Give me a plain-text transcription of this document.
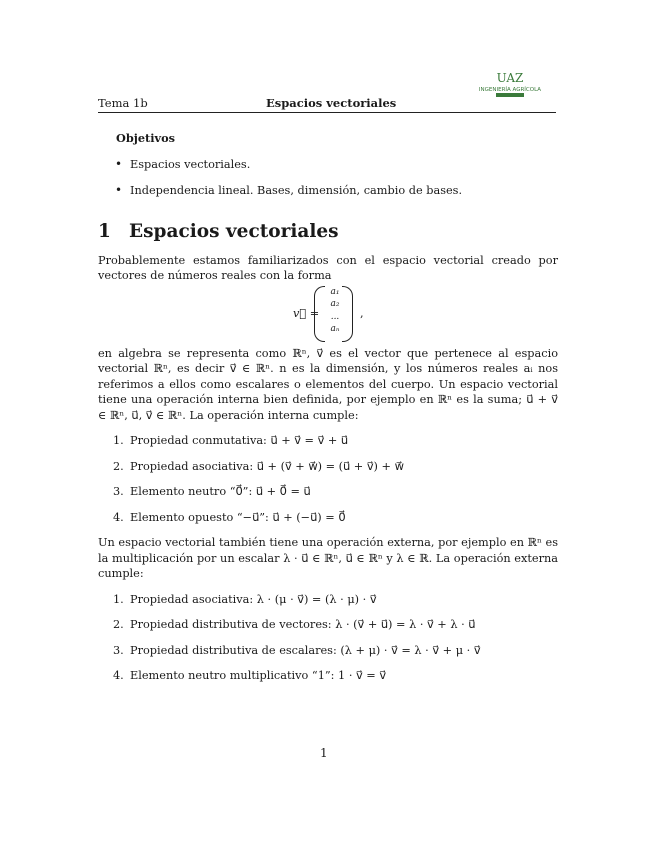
UAZ
INGENIERÍA AGRÍCOLA
Tema 1b	Espacios vectoriales
Objetivos
• Espacios vectoriales.
• Independencia lineal. Bases, dimensión, cambio de bases.
1 Espacios vectoriales

Probablemente estamos familiarizados con el espacio vectorial creado por vectores de números reales con la forma

v⃗ =
a₁
a₂
...
aₙ
,

en algebra se representa como ℝⁿ, v⃗ es el vector que pertenece al espacio vectorial ℝⁿ, es decir v⃗ ∈ ℝⁿ. n es la dimensión, y los números reales aᵢ nos referimos a ellos como escalares o elementos del cuerpo. Un espacio vectorial tiene una operación interna bien definida, por ejemplo en ℝⁿ es la suma; u⃗ + v⃗ ∈ ℝⁿ, u⃗, v⃗ ∈ ℝⁿ. La operación interna cumple:

1. Propiedad conmutativa: u⃗ + v⃗ = v⃗ + u⃗
2. Propiedad asociativa: u⃗ + (v⃗ + w⃗) = (u⃗ + v⃗) + w⃗
3. Elemento neutro “0⃗”: u⃗ + 0⃗ = u⃗
4. Elemento opuesto “−u⃗”: u⃗ + (−u⃗) = 0⃗

Un espacio vectorial también tiene una operación externa, por ejemplo en ℝⁿ es la multiplicación por un escalar λ · u⃗ ∈ ℝⁿ, u⃗ ∈ ℝⁿ y λ ∈ ℝ. La operación externa cumple:

1. Propiedad asociativa: λ · (μ · v⃗) = (λ · μ) · v⃗
2. Propiedad distributiva de vectores: λ · (v⃗ + u⃗) = λ · v⃗ + λ · u⃗
3. Propiedad distributiva de escalares: (λ + μ) · v⃗ = λ · v⃗ + μ · v⃗
4. Elemento neutro multiplicativo “1”: 1 · v⃗ = v⃗
1
